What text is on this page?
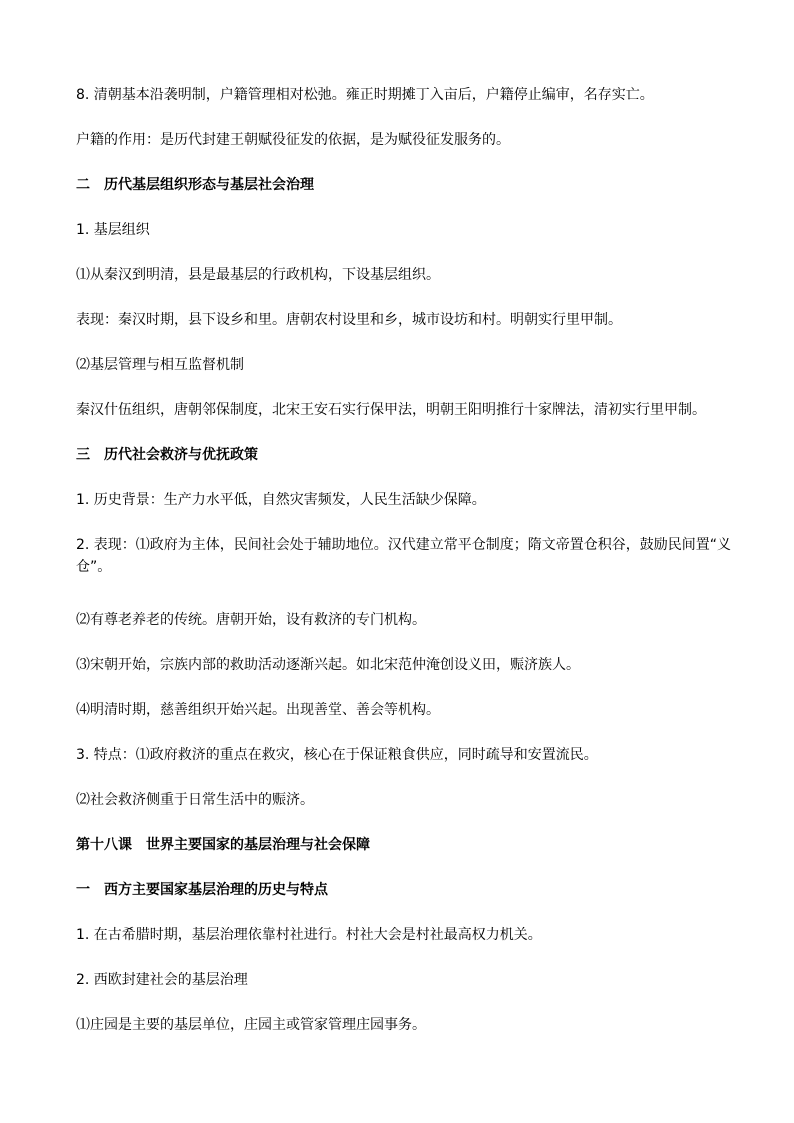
8. 清朝基本沿袭明制，户籍管理相对松弛。雍正时期摊丁入亩后，户籍停止编审，名存实亡。
户籍的作用：是历代封建王朝赋役征发的依据，是为赋役征发服务的。
二　历代基层组织形态与基层社会治理
1. 基层组织
⑴从秦汉到明清，县是最基层的行政机构，下设基层组织。
表现：秦汉时期，县下设乡和里。唐朝农村设里和乡，城市设坊和村。明朝实行里甲制。
⑵基层管理与相互监督机制
秦汉什伍组织，唐朝邻保制度，北宋王安石实行保甲法，明朝王阳明推行十家牌法，清初实行里甲制。
三　历代社会救济与优抚政策
1. 历史背景：生产力水平低，自然灾害频发，人民生活缺少保障。
2. 表现：⑴政府为主体，民间社会处于辅助地位。汉代建立常平仓制度；隋文帝置仓积谷，鼓励民间置“义仓”。
⑵有尊老养老的传统。唐朝开始，设有救济的专门机构。
⑶宋朝开始，宗族内部的救助活动逐渐兴起。如北宋范仲淹创设义田，赈济族人。
⑷明清时期，慈善组织开始兴起。出现善堂、善会等机构。
3. 特点：⑴政府救济的重点在救灾，核心在于保证粮食供应，同时疏导和安置流民。
⑵社会救济侧重于日常生活中的赈济。
第十八课　世界主要国家的基层治理与社会保障
一　西方主要国家基层治理的历史与特点
1. 在古希腊时期，基层治理依靠村社进行。村社大会是村社最高权力机关。
2. 西欧封建社会的基层治理
⑴庄园是主要的基层单位，庄园主或管家管理庄园事务。
